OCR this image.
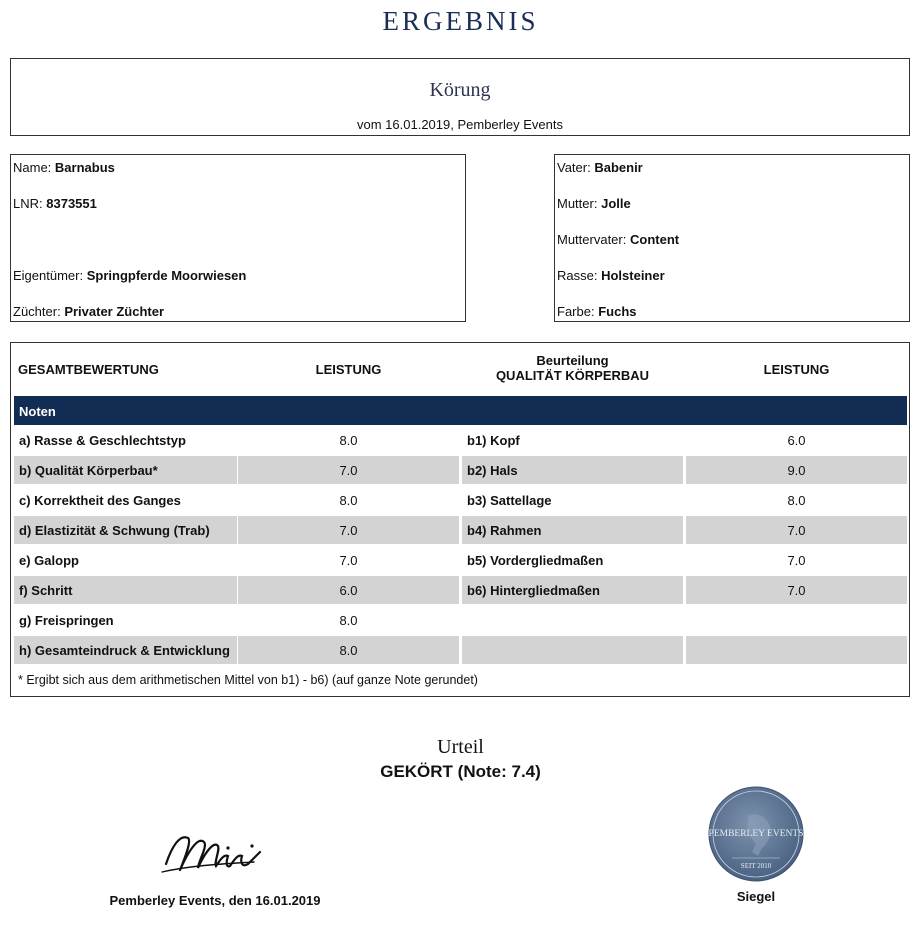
ERGEBNIS
Körung
vom 16.01.2019, Pemberley Events
Name: Barnabus
LNR: 8373551
Eigentümer: Springpferde Moorwiesen
Züchter: Privater Züchter
Vater: Babenir
Mutter: Jolle
Muttervater: Content
Rasse: Holsteiner
Farbe: Fuchs
GESAMTBEWERTUNG	LEISTUNG
Beurteilung
QUALITÄT KÖRPERBAU	LEISTUNG
Noten
a) Rasse & Geschlechtstyp	8.0	b1) Kopf	6.0
b) Qualität Körperbau*	7.0	b2) Hals	9.0
c) Korrektheit des Ganges	8.0	b3) Sattellage	8.0
d) Elastizität & Schwung (Trab)	7.0	b4) Rahmen	7.0
e) Galopp	7.0	b5) Vordergliedmaßen	7.0
f) Schritt	6.0	b6) Hintergliedmaßen	7.0
g) Freispringen	8.0
h) Gesamteindruck & Entwicklung	8.0
* Ergibt sich aus dem arithmetischen Mittel von b1) - b6) (auf ganze Note gerundet)
Urteil
GEKÖRT (Note: 7.4)
Pemberley Events, den 16.01.2019
PEMBERLEY EVENTS
SEIT 2010
Siegel
